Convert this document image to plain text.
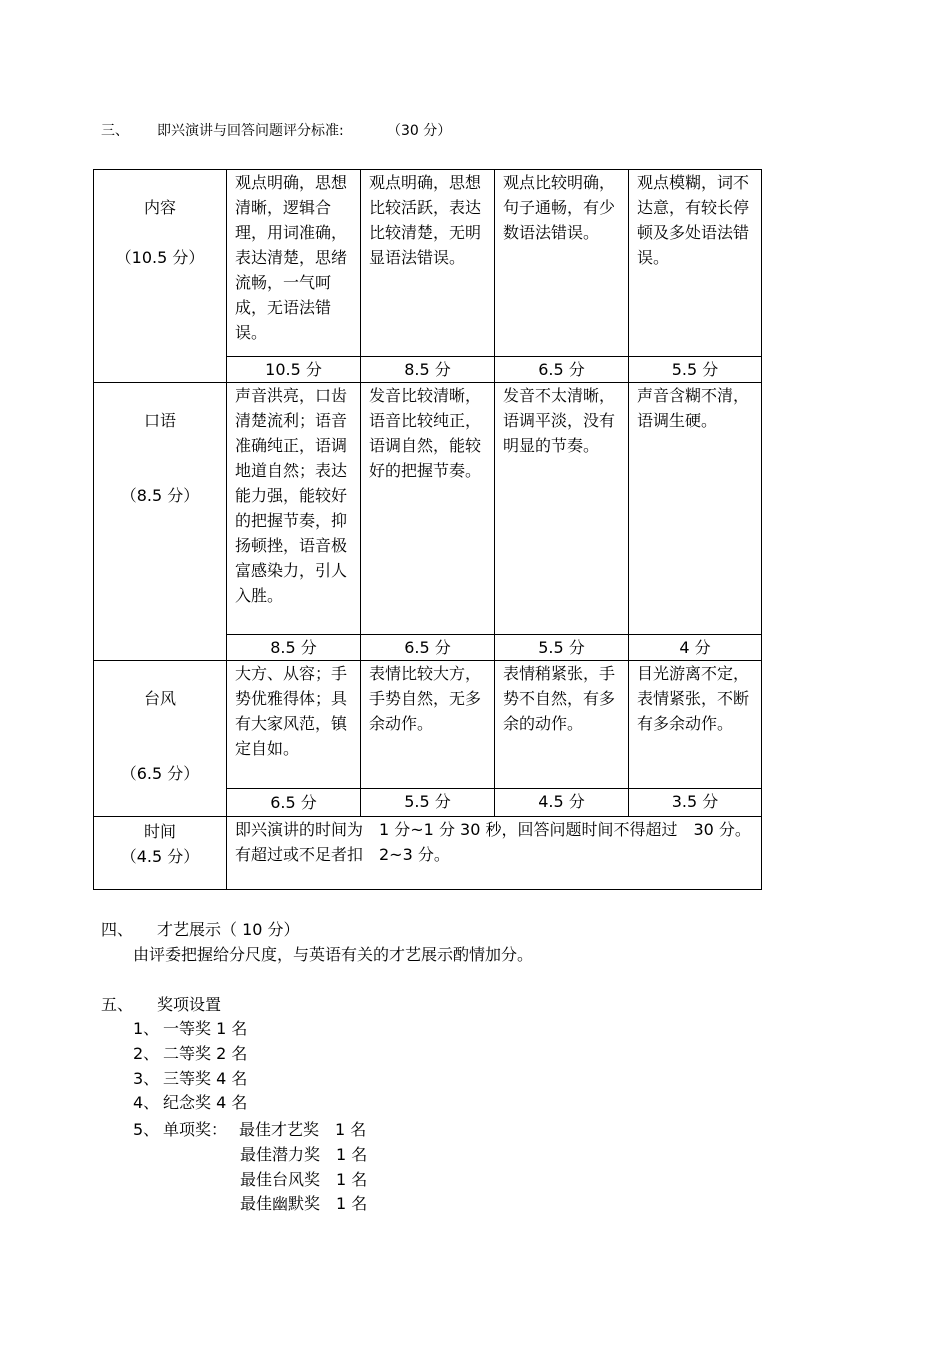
三、 即兴演讲与回答问题评分标准:	（30 分）
内容
（10.5 分）	观点明确，思想清晰，逻辑合理，用词准确，表达清楚，思绪流畅，一气呵成，无语法错误。	观点明确，思想比较活跃，表达比较清楚，无明显语法错误。	观点比较明确，句子通畅，有少数语法错误。	观点模糊，词不达意，有较长停顿及多处语法错误。
	10.5 分	8.5 分	6.5 分	5.5 分

口语
（8.5 分）	声音洪亮，口齿清楚流利；语音准确纯正，语调地道自然；表达能力强，能较好的把握节奏，抑扬顿挫，语音极富感染力，引人入胜。	发音比较清晰，语音比较纯正，语调自然，能较好的把握节奏。	发音不太清晰，语调平淡，没有明显的节奏。	声音含糊不清，语调生硬。
	8.5 分	6.5 分	5.5 分	4 分

台风
（6.5 分）	大方、从容；手势优雅得体；具有大家风范，镇定自如。	表情比较大方，手势自然，无多余动作。	表情稍紧张，手势不自然，有多余的动作。	目光游离不定，表情紧张，不断有多余动作。
	6.5 分	5.5 分	4.5 分	3.5 分

时间
（4.5 分）	即兴演讲的时间为　1 分~1 分 30 秒，回答问题时间不得超过　30 分。有超过或不足者扣　2~3 分。			
四、 才艺展示（ 10 分）
由评委把握给分尺度，与英语有关的才艺展示酌情加分。
五、 奖项设置
1、 一等奖 1 名
2、 二等奖 2 名
3、 三等奖 4 名
4、 纪念奖 4 名
5、 单项奖： 最佳才艺奖　1 名
最佳潜力奖　1 名
最佳台风奖　1 名
最佳幽默奖　1 名
